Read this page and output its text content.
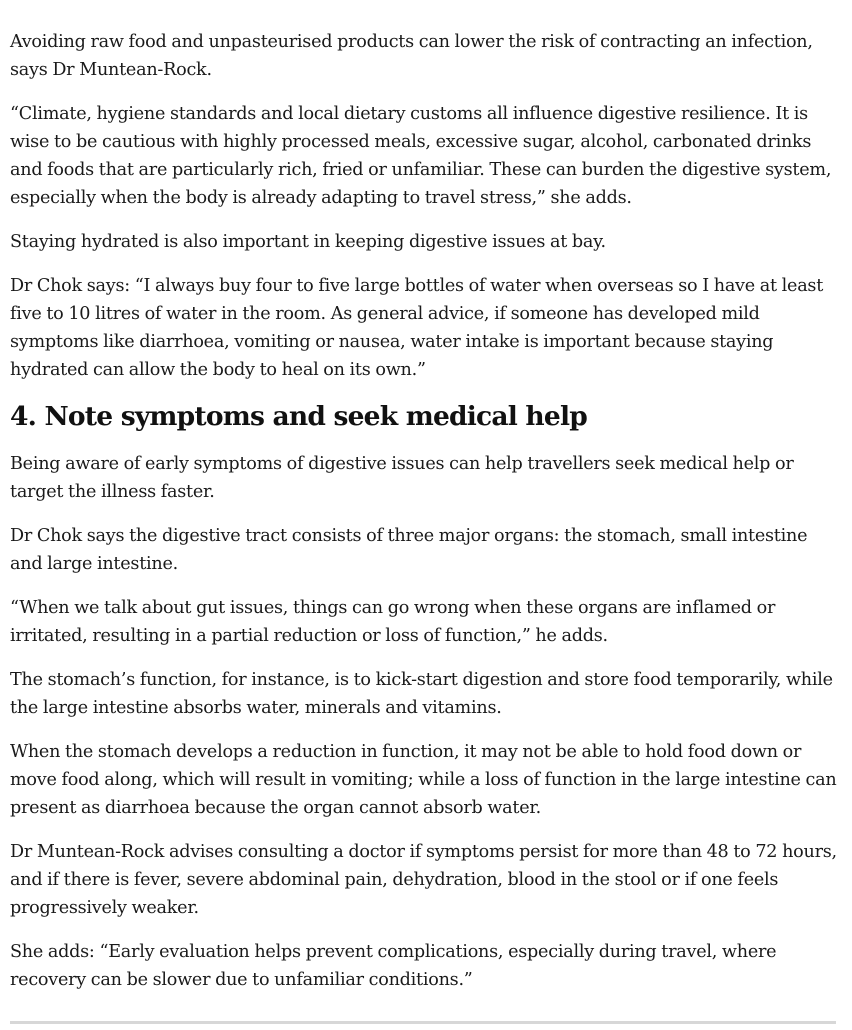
Avoiding raw food and unpasteurised products can lower the risk of contracting an infection, says Dr Muntean-Rock.

“Climate, hygiene standards and local dietary customs all influence digestive resilience. It is wise to be cautious with highly processed meals, excessive sugar, alcohol, carbonated drinks and foods that are particularly rich, fried or unfamiliar. These can burden the digestive system, especially when the body is already adapting to travel stress,” she adds.

Staying hydrated is also important in keeping digestive issues at bay.

Dr Chok says: “I always buy four to five large bottles of water when overseas so I have at least five to 10 litres of water in the room. As general advice, if someone has developed mild symptoms like diarrhoea, vomiting or nausea, water intake is important because staying hydrated can allow the body to heal on its own.”

4. Note symptoms and seek medical help

Being aware of early symptoms of digestive issues can help travellers seek medical help or target the illness faster.

Dr Chok says the digestive tract consists of three major organs: the stomach, small intestine and large intestine.

“When we talk about gut issues, things can go wrong when these organs are inflamed or irritated, resulting in a partial reduction or loss of function,” he adds.

The stomach’s function, for instance, is to kick-start digestion and store food temporarily, while the large intestine absorbs water, minerals and vitamins.

When the stomach develops a reduction in function, it may not be able to hold food down or move food along, which will result in vomiting; while a loss of function in the large intestine can present as diarrhoea because the organ cannot absorb water.

Dr Muntean-Rock advises consulting a doctor if symptoms persist for more than 48 to 72 hours, and if there is fever, severe abdominal pain, dehydration, blood in the stool or if one feels progressively weaker.

She adds: “Early evaluation helps prevent complications, especially during travel, where recovery can be slower due to unfamiliar conditions.”
